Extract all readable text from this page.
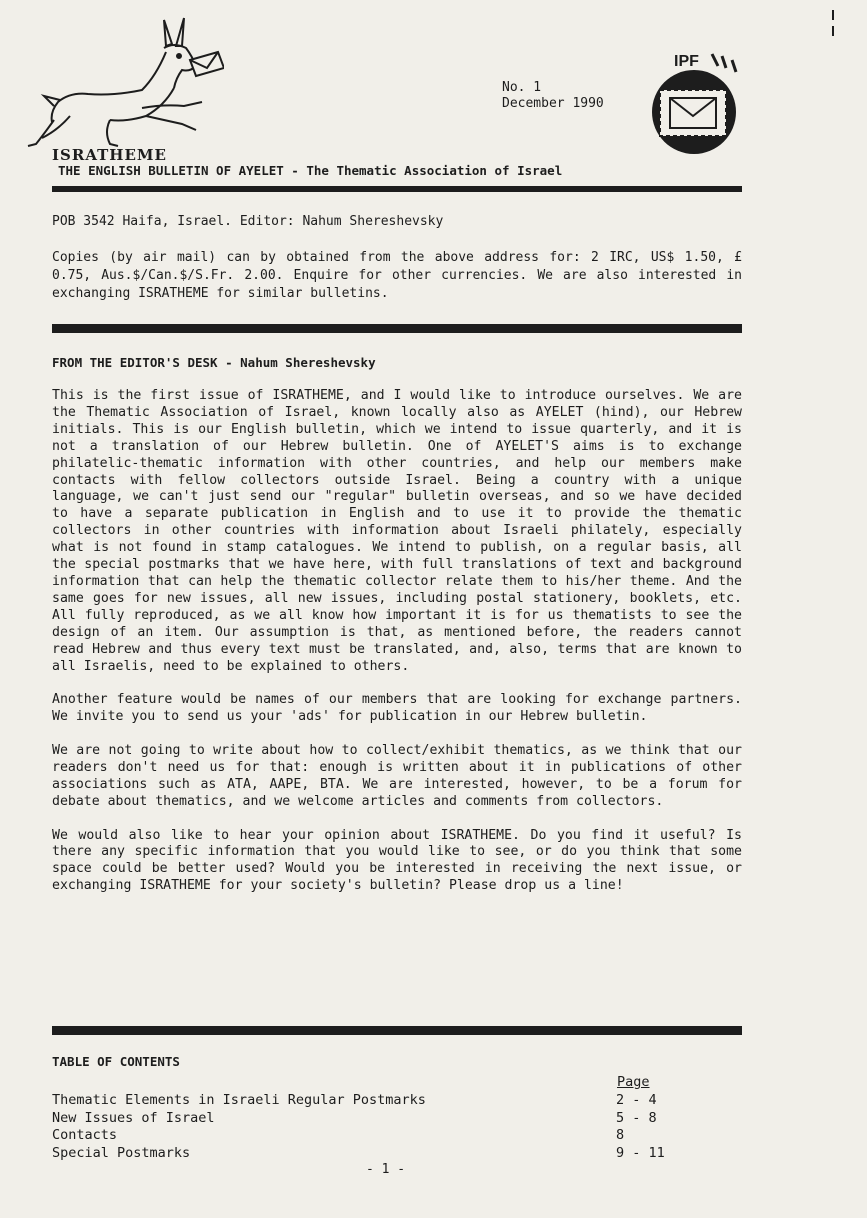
ISRATHEME
THE ENGLISH BULLETIN OF AYELET - The Thematic Association of Israel
No. 1
December 1990
IPF
POB 3542 Haifa, Israel. Editor: Nahum Shereshevsky
Copies (by air mail) can by obtained from the above address for: 2 IRC, US$ 1.50, £ 0.75, Aus.$/Can.$/S.Fr. 2.00. Enquire for other currencies. We are also interested in exchanging ISRATHEME for similar bulletins.
FROM THE EDITOR'S DESK - Nahum Shereshevsky

This is the first issue of ISRATHEME, and I would like to introduce ourselves. We are the Thematic Association of Israel, known locally also as AYELET (hind), our Hebrew initials. This is our English bulletin, which we intend to issue quarterly, and it is not a translation of our Hebrew bulletin. One of AYELET'S aims is to exchange philatelic-thematic information with other countries, and help our members make contacts with fellow collectors outside Israel. Being a country with a unique language, we can't just send our "regular" bulletin overseas, and so we have decided to have a separate publication in English and to use it to provide the thematic collectors in other countries with information about Israeli philately, especially what is not found in stamp catalogues. We intend to publish, on a regular basis, all the special postmarks that we have here, with full translations of text and background information that can help the thematic collector relate them to his/her theme. And the same goes for new issues, all new issues, including postal stationery, booklets, etc. All fully reproduced, as we all know how important it is for us thematists to see the design of an item. Our assumption is that, as mentioned before, the readers cannot read Hebrew and thus every text must be translated, and, also, terms that are known to all Israelis, need to be explained to others.

Another feature would be names of our members that are looking for exchange partners. We invite you to send us your 'ads' for publication in our Hebrew bulletin.

We are not going to write about how to collect/exhibit thematics, as we think that our readers don't need us for that: enough is written about it in publications of other associations such as ATA, AAPE, BTA. We are interested, however, to be a forum for debate about thematics, and we welcome articles and comments from collectors.

We would also like to hear your opinion about ISRATHEME. Do you find it useful? Is there any specific information that you would like to see, or do you think that some space could be better used? Would you be interested in receiving the next issue, or exchanging ISRATHEME for your society's bulletin? Please drop us a line!

TABLE OF CONTENTS
Page
Thematic Elements in Israeli Regular Postmarks	2 - 4
New Issues of Israel	5 - 8
Contacts	8
Special Postmarks	9 - 11
- 1 -
